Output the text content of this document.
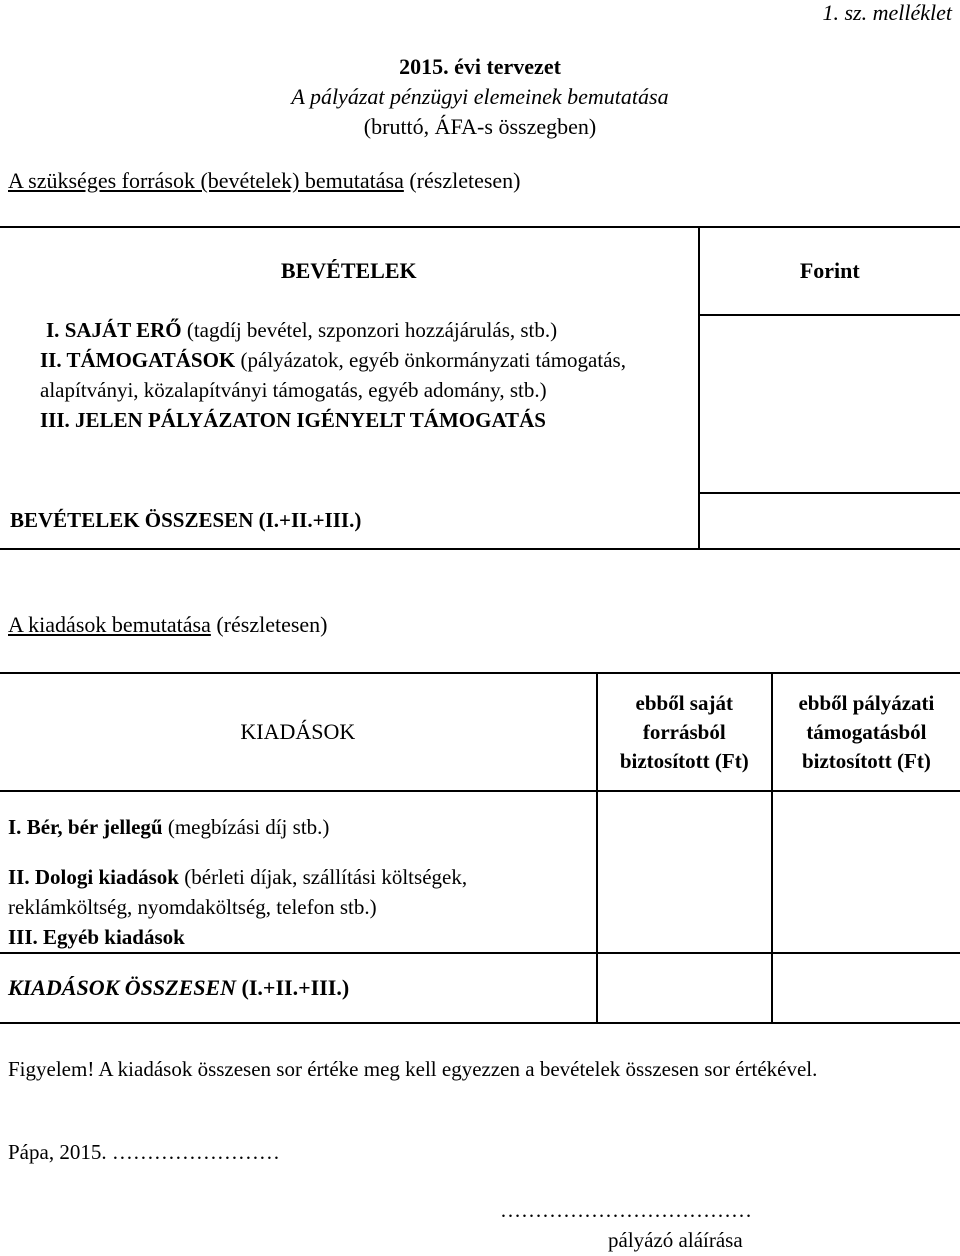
1. sz. melléklet
2015. évi tervezet
A pályázat pénzügyi elemeinek bemutatása
(bruttó, ÁFA-s összegben)
A szükséges források (bevételek) bemutatása (részletesen)
BEVÉTELEK	Forint

I. SAJÁT ERŐ (tagdíj bevétel, szponzori hozzájárulás, stb.)
II. TÁMOGATÁSOK (pályázatok, egyéb önkormányzati támogatás, alapítványi, közalapítványi támogatás, egyéb adomány, stb.)
III. JELEN PÁLYÁZATON IGÉNYELT TÁMOGATÁS	

BEVÉTELEK ÖSSZESEN (I.+II.+III.)	
A kiadások bemutatása (részletesen)
KIADÁSOK	ebből saját forrásból biztosított (Ft)	ebből pályázati támogatásból biztosított (Ft)

I. Bér, bér jellegű (megbízási díj stb.)
II. Dologi kiadások (bérleti díjak, szállítási költségek, reklámköltség, nyomdaköltség, telefon stb.)
III. Egyéb kiadások		

KIADÁSOK ÖSSZESEN (I.+II.+III.)		
Figyelem! A kiadások összesen sor értéke meg kell egyezzen a bevételek összesen sor értékével.
Pápa, 2015. ……………………
………………………………
pályázó aláírása
